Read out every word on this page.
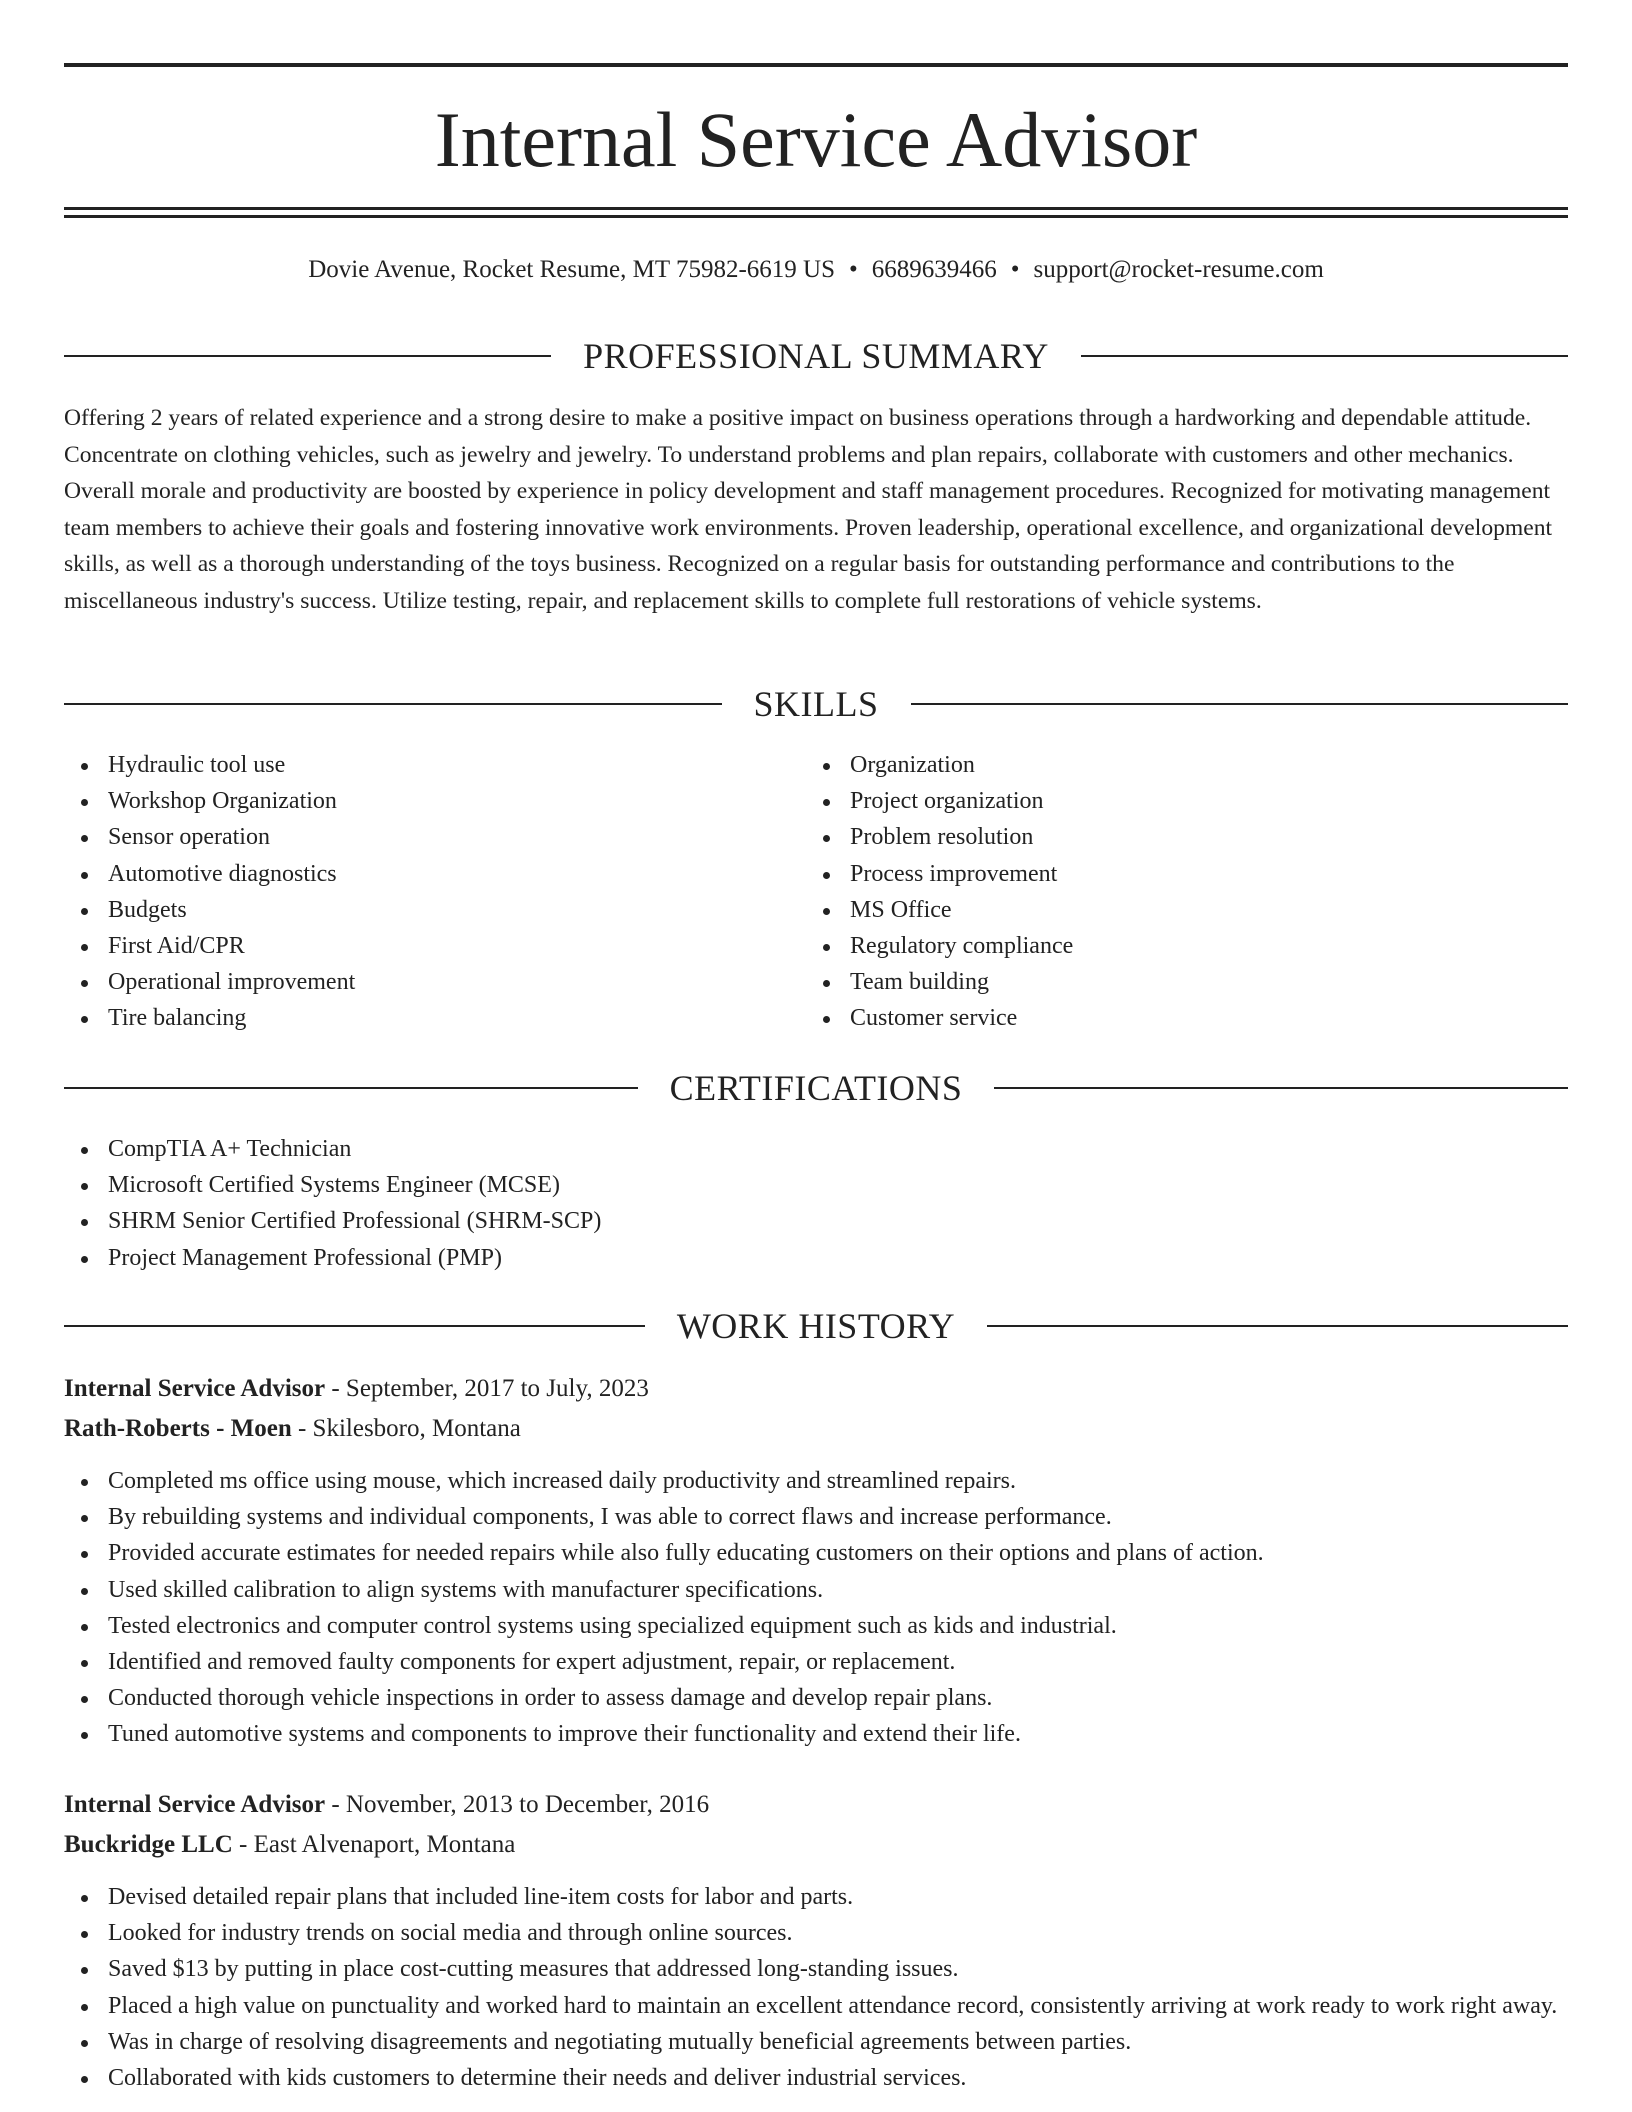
Internal Service Advisor
Dovie Avenue, Rocket Resume, MT 75982-6619 US • 6689639466 • support@rocket-resume.com
PROFESSIONAL SUMMARY

Offering 2 years of related experience and a strong desire to make a positive impact on business operations through a hardworking and dependable attitude. Concentrate on clothing vehicles, such as jewelry and jewelry. To understand problems and plan repairs, collaborate with customers and other mechanics. Overall morale and productivity are boosted by experience in policy development and staff management procedures. Recognized for motivating management team members to achieve their goals and fostering innovative work environments. Proven leadership, operational excellence, and organizational development skills, as well as a thorough understanding of the toys business. Recognized on a regular basis for outstanding performance and contributions to the miscellaneous industry's success. Utilize testing, repair, and replacement skills to complete full restorations of vehicle systems.

SKILLS
Hydraulic tool use
Workshop Organization
Sensor operation
Automotive diagnostics
Budgets
First Aid/CPR
Operational improvement
Tire balancing
Organization
Project organization
Problem resolution
Process improvement
MS Office
Regulatory compliance
Team building
Customer service
CERTIFICATIONS
CompTIA A+ Technician
Microsoft Certified Systems Engineer (MCSE)
SHRM Senior Certified Professional (SHRM-SCP)
Project Management Professional (PMP)
WORK HISTORY
Internal Service Advisor - September, 2017 to July, 2023
Rath-Roberts - Moen - Skilesboro, Montana
Completed ms office using mouse, which increased daily productivity and streamlined repairs.
By rebuilding systems and individual components, I was able to correct flaws and increase performance.
Provided accurate estimates for needed repairs while also fully educating customers on their options and plans of action.
Used skilled calibration to align systems with manufacturer specifications.
Tested electronics and computer control systems using specialized equipment such as kids and industrial.
Identified and removed faulty components for expert adjustment, repair, or replacement.
Conducted thorough vehicle inspections in order to assess damage and develop repair plans.
Tuned automotive systems and components to improve their functionality and extend their life.
Internal Service Advisor - November, 2013 to December, 2016
Buckridge LLC - East Alvenaport, Montana
Devised detailed repair plans that included line-item costs for labor and parts.
Looked for industry trends on social media and through online sources.
Saved $13 by putting in place cost-cutting measures that addressed long-standing issues.
Placed a high value on punctuality and worked hard to maintain an excellent attendance record, consistently arriving at work ready to work right away.
Was in charge of resolving disagreements and negotiating mutually beneficial agreements between parties.
Collaborated with kids customers to determine their needs and deliver industrial services.
